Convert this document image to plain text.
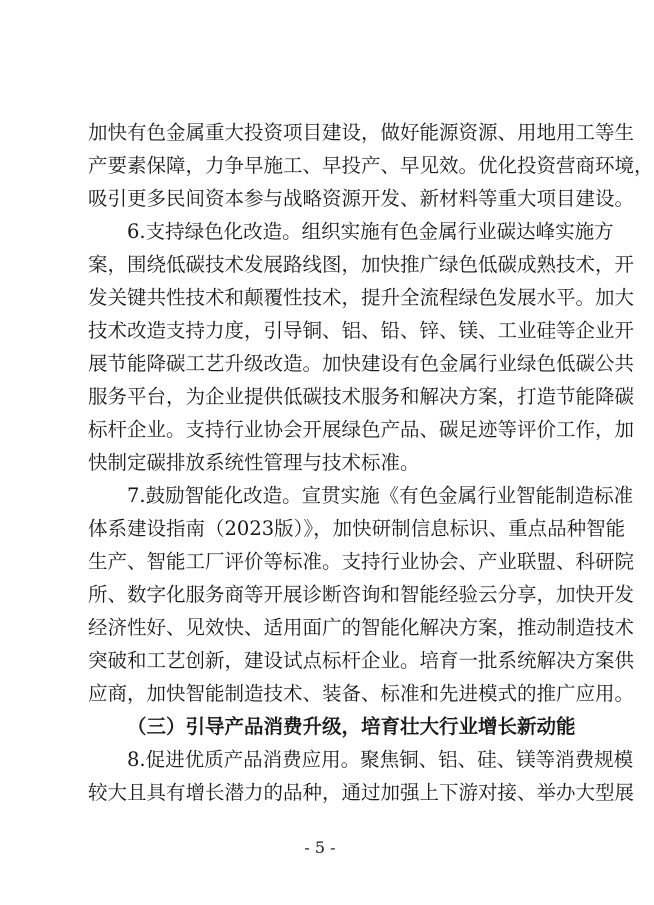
加快有色金属重大投资项目建设，做好能源资源、用地用工等生
产要素保障，力争早施工、早投产、早见效。优化投资营商环境，
吸引更多民间资本参与战略资源开发、新材料等重大项目建设。
6.支持绿色化改造。组织实施有色金属行业碳达峰实施方
案，围绕低碳技术发展路线图，加快推广绿色低碳成熟技术，开
发关键共性技术和颠覆性技术，提升全流程绿色发展水平。加大
技术改造支持力度，引导铜、铝、铅、锌、镁、工业硅等企业开
展节能降碳工艺升级改造。加快建设有色金属行业绿色低碳公共
服务平台，为企业提供低碳技术服务和解决方案，打造节能降碳
标杆企业。支持行业协会开展绿色产品、碳足迹等评价工作，加
快制定碳排放系统性管理与技术标准。
7.鼓励智能化改造。宣贯实施《有色金属行业智能制造标准
体系建设指南（2023版）》，加快研制信息标识、重点品种智能
生产、智能工厂评价等标准。支持行业协会、产业联盟、科研院
所、数字化服务商等开展诊断咨询和智能经验云分享，加快开发
经济性好、见效快、适用面广的智能化解决方案，推动制造技术
突破和工艺创新，建设试点标杆企业。培育一批系统解决方案供
应商，加快智能制造技术、装备、标准和先进模式的推广应用。
（三）引导产品消费升级，培育壮大行业增长新动能
8.促进优质产品消费应用。聚焦铜、铝、硅、镁等消费规模
较大且具有增长潜力的品种，通过加强上下游对接、举办大型展
- 5 -
